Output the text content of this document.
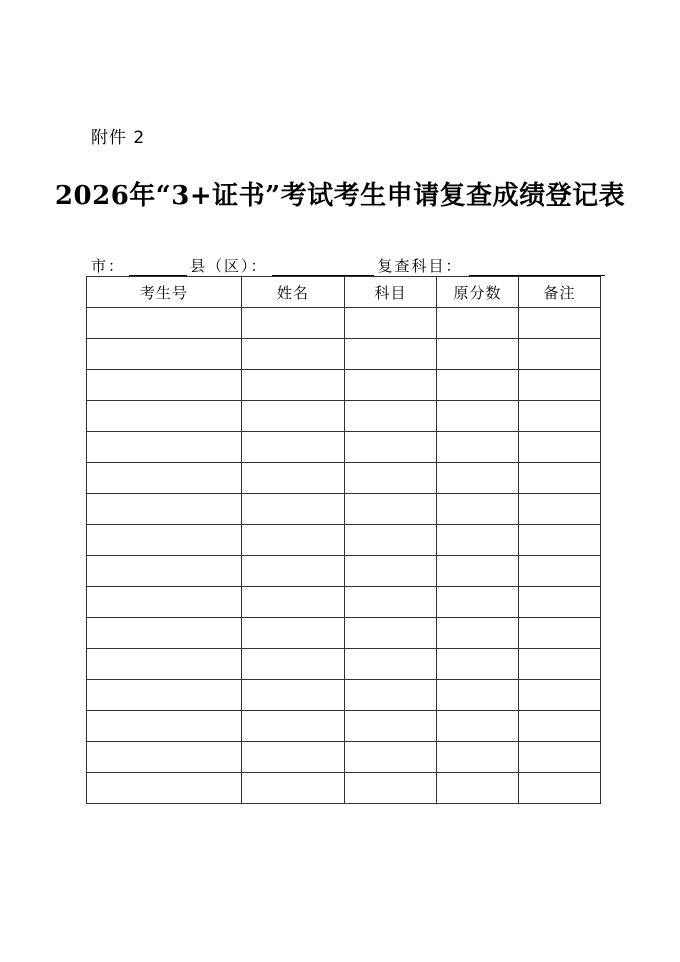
附件 2
2026年“3+证书”考试考生申请复查成绩登记表
市：	县（区）：	复查科目：
考生号	姓名	科目	原分数	备注
